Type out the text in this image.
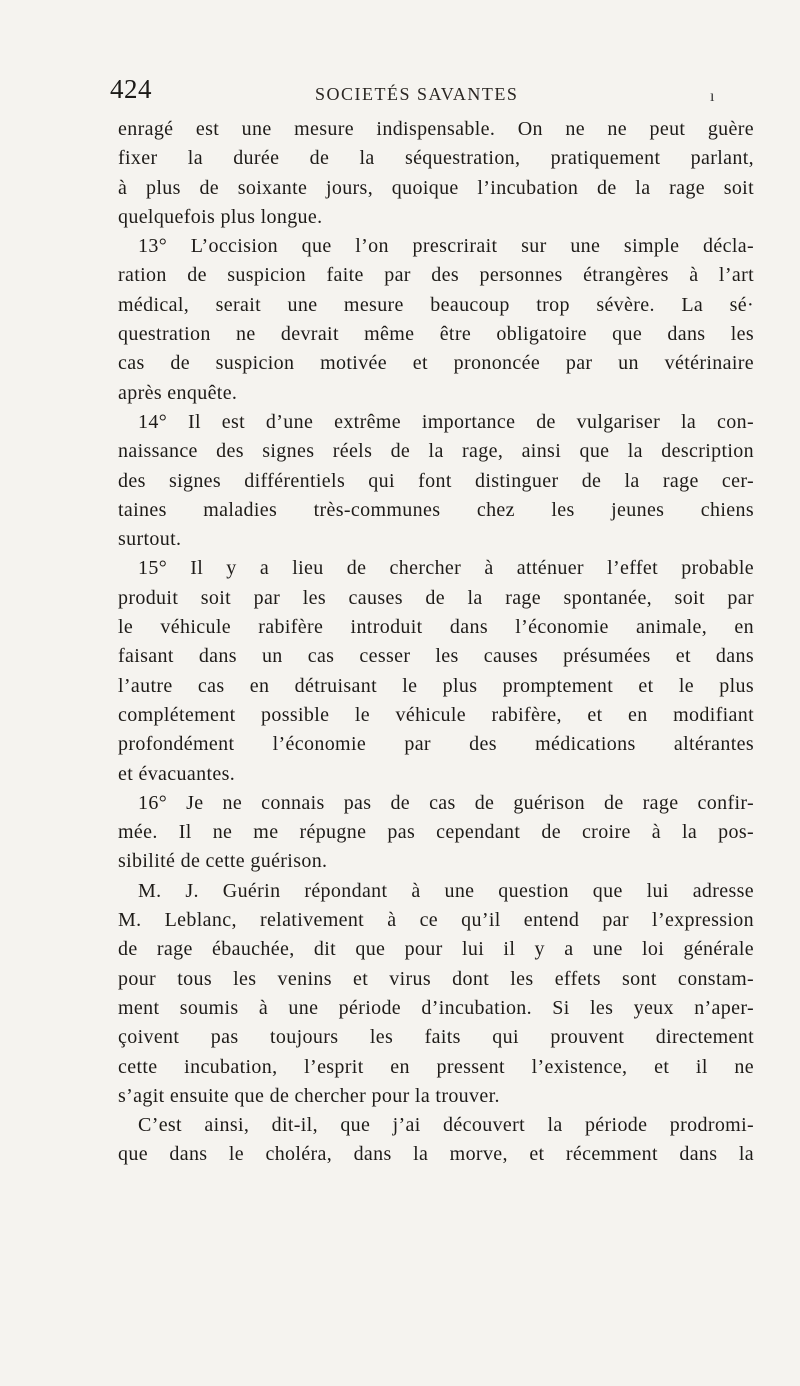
424	SOCIETÉS SAVANTES	ı
enragé est une mesure indispensable. On ne ne peut guère
fixer la durée de la séquestration, pratiquement parlant,
à plus de soixante jours, quoique l’incubation de la rage soit
quelquefois plus longue.
13° L’occision que l’on prescrirait sur une simple décla-
ration de suspicion faite par des personnes étrangères à l’art
médical, serait une mesure beaucoup trop sévère. La sé·
questration ne devrait même être obligatoire que dans les
cas de suspicion motivée et prononcée par un vétérinaire
après enquête.
14° Il est d’une extrême importance de vulgariser la con-
naissance des signes réels de la rage, ainsi que la description
des signes différentiels qui font distinguer de la rage cer-
taines maladies très-communes chez les jeunes chiens
surtout.
15° Il y a lieu de chercher à atténuer l’effet probable
produit soit par les causes de la rage spontanée, soit par
le véhicule rabifère introduit dans l’économie animale, en
faisant dans un cas cesser les causes présumées et dans
l’autre cas en détruisant le plus promptement et le plus
complétement possible le véhicule rabifère, et en modifiant
profondément l’économie par des médications altérantes
et évacuantes.
16° Je ne connais pas de cas de guérison de rage confir-
mée. Il ne me répugne pas cependant de croire à la pos-
sibilité de cette guérison.
M. J. Guérin répondant à une question que lui adresse
M. Leblanc, relativement à ce qu’il entend par l’expression
de rage ébauchée, dit que pour lui il y a une loi générale
pour tous les venins et virus dont les effets sont constam-
ment soumis à une période d’incubation. Si les yeux n’aper-
çoivent pas toujours les faits qui prouvent directement
cette incubation, l’esprit en pressent l’existence, et il ne
s’agit ensuite que de chercher pour la trouver.
C’est ainsi, dit-il, que j’ai découvert la période prodromi-
que dans le choléra, dans la morve, et récemment dans la
